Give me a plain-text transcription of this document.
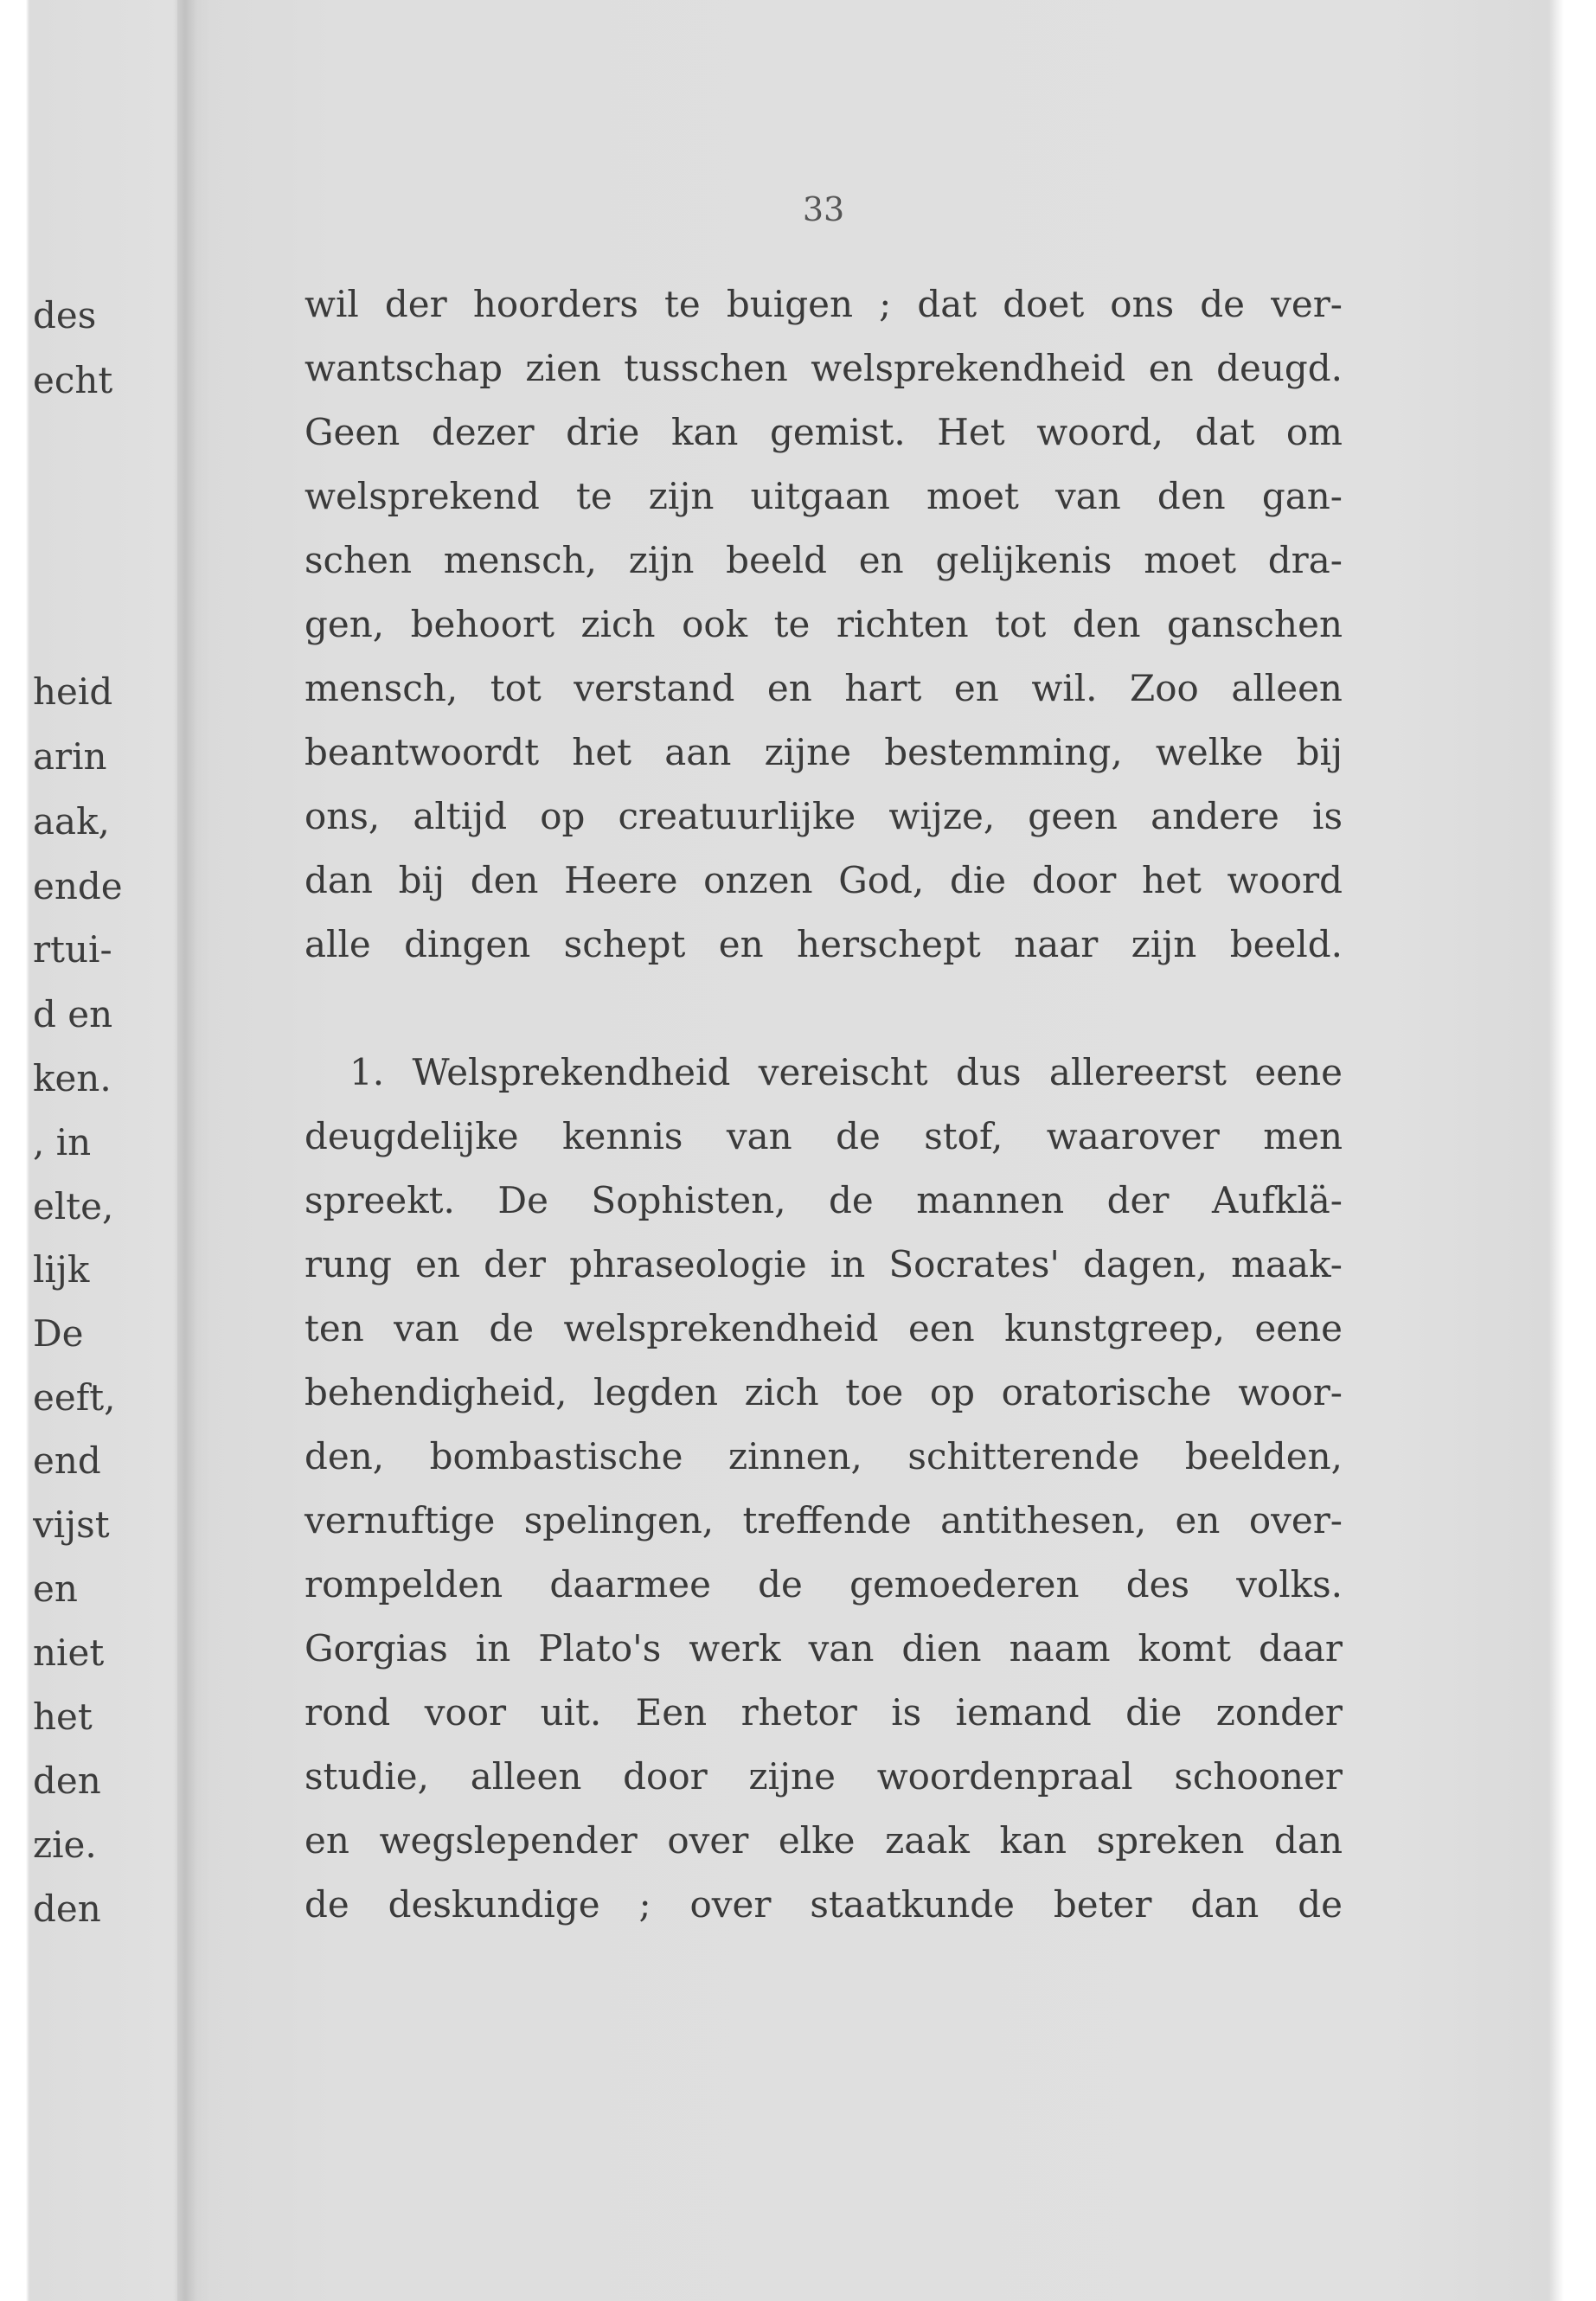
des
echt
heid
arin
aak,
ende
rtui-
d en
ken.
, in
elte,
lijk
De
eeft,
end
vijst
en
niet
het
den
zie.
den
33
wil der hoorders te buigen ; dat doet ons de ver-
wantschap zien tusschen welsprekendheid en deugd.
Geen dezer drie kan gemist. Het woord, dat om
welsprekend te zijn uitgaan moet van den gan-
schen mensch, zijn beeld en gelijkenis moet dra-
gen, behoort zich ook te richten tot den ganschen
mensch, tot verstand en hart en wil. Zoo alleen
beantwoordt het aan zijne bestemming, welke bij
ons, altijd op creatuurlijke wijze, geen andere is
dan bij den Heere onzen God, die door het woord
alle dingen schept en herschept naar zijn beeld.
1. Welsprekendheid vereischt dus allereerst eene
deugdelijke kennis van de stof, waarover men
spreekt. De Sophisten, de mannen der Aufklä-
rung en der phraseologie in Socrates' dagen, maak-
ten van de welsprekendheid een kunstgreep, eene
behendigheid, legden zich toe op oratorische woor-
den, bombastische zinnen, schitterende beelden,
vernuftige spelingen, treffende antithesen, en over-
rompelden daarmee de gemoederen des volks.
Gorgias in Plato's werk van dien naam komt daar
rond voor uit. Een rhetor is iemand die zonder
studie, alleen door zijne woordenpraal schooner
en wegslepender over elke zaak kan spreken dan
de deskundige ; over staatkunde beter dan de
